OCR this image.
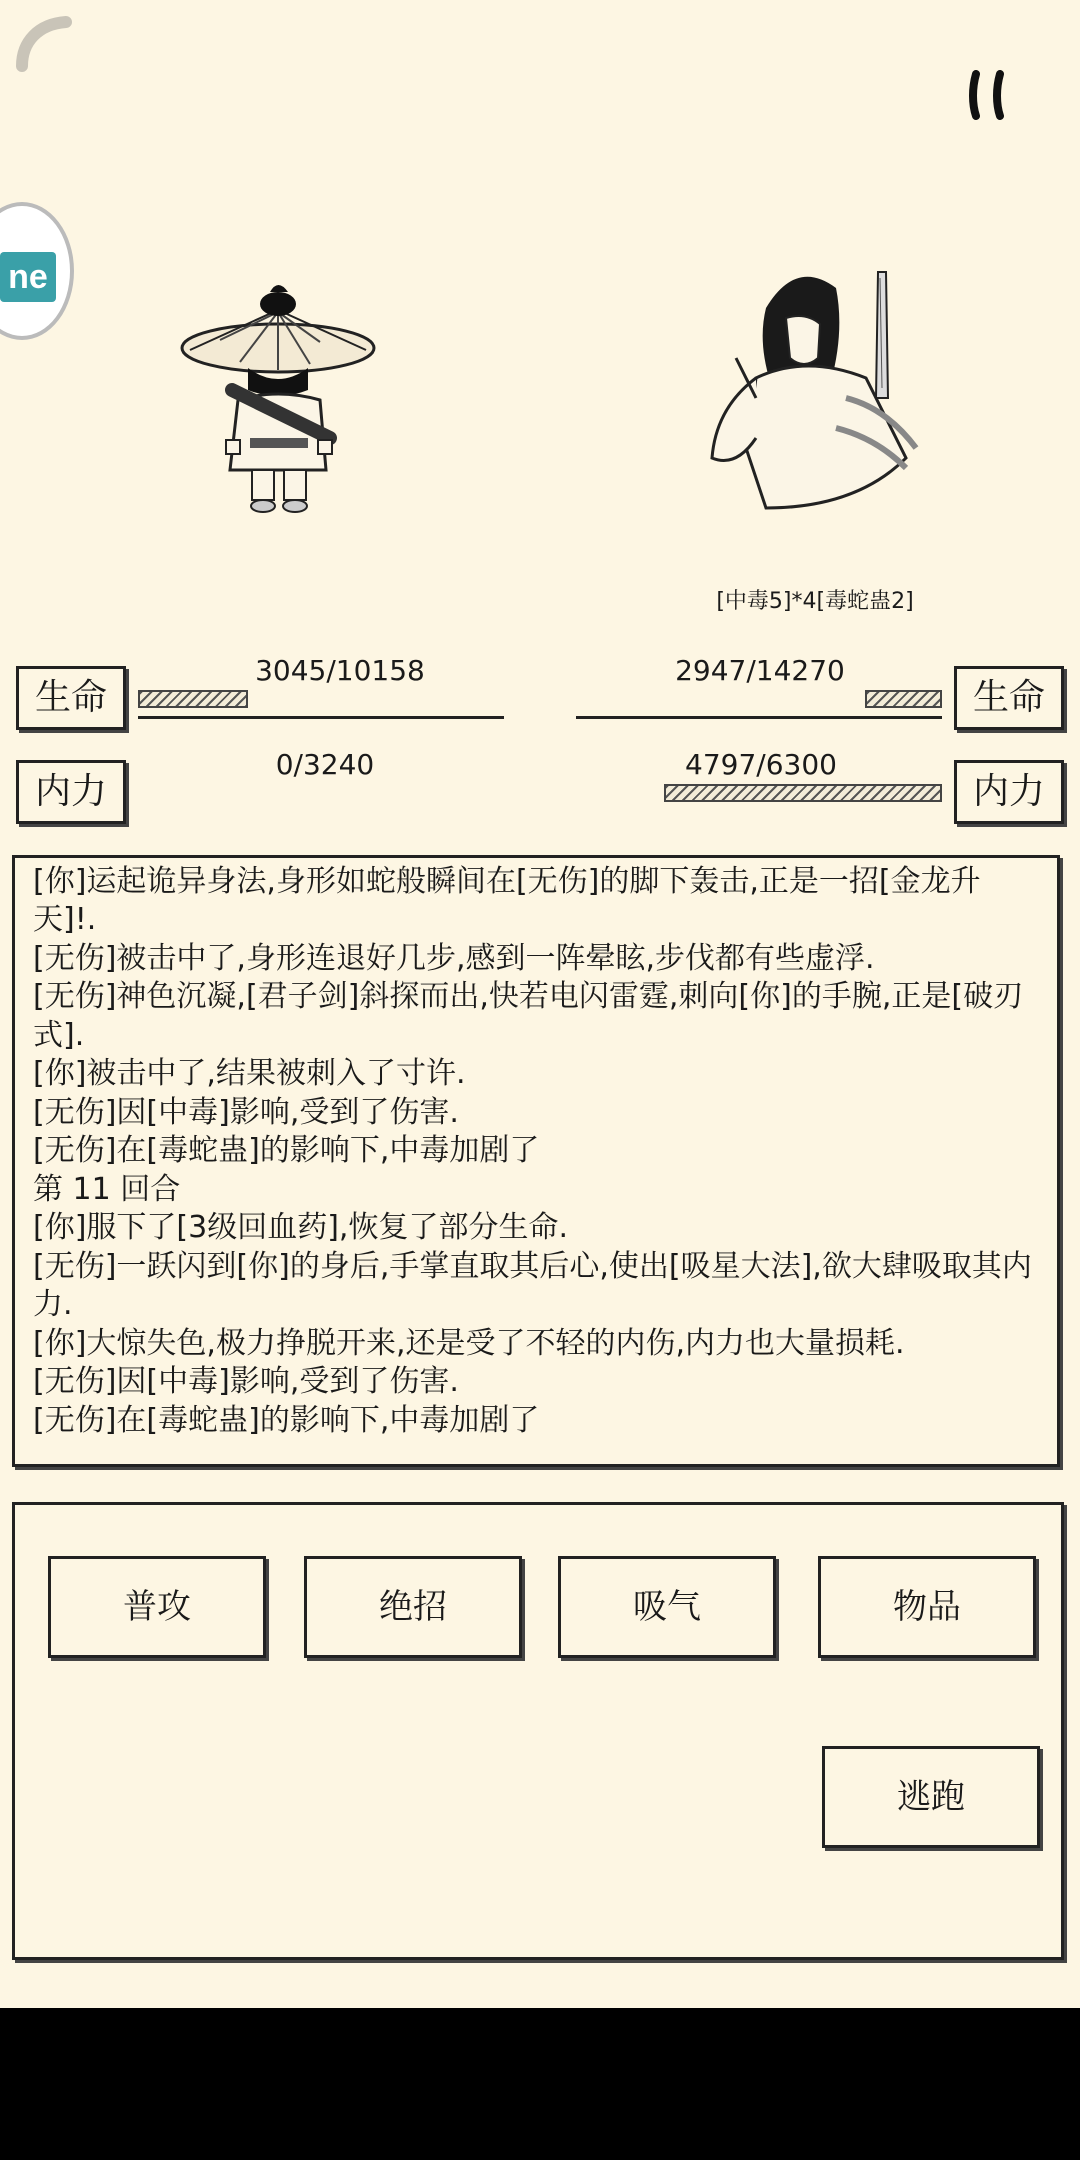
ne
[中毒5]*4[毒蛇蛊2]
生命
3045/10158
内力
0/3240
生命
2947/14270
内力
4797/6300
[你]运起诡异身法,身形如蛇般瞬间在[无伤]的脚下轰击,正是一招[金龙升天]!.
[无伤]被击中了,身形连退好几步,感到一阵晕眩,步伐都有些虚浮.
[无伤]神色沉凝,[君子剑]斜探而出,快若电闪雷霆,刺向[你]的手腕,正是[破刃式].
[你]被击中了,结果被刺入了寸许.
[无伤]因[中毒]影响,受到了伤害.
[无伤]在[毒蛇蛊]的影响下,中毒加剧了
第 11 回合
[你]服下了[3级回血药],恢复了部分生命.
[无伤]一跃闪到[你]的身后,手掌直取其后心,使出[吸星大法],欲大肆吸取其内力.
[你]大惊失色,极力挣脱开来,还是受了不轻的内伤,内力也大量损耗.
[无伤]因[中毒]影响,受到了伤害.
[无伤]在[毒蛇蛊]的影响下,中毒加剧了
普攻	绝招	吸气	物品
逃跑
